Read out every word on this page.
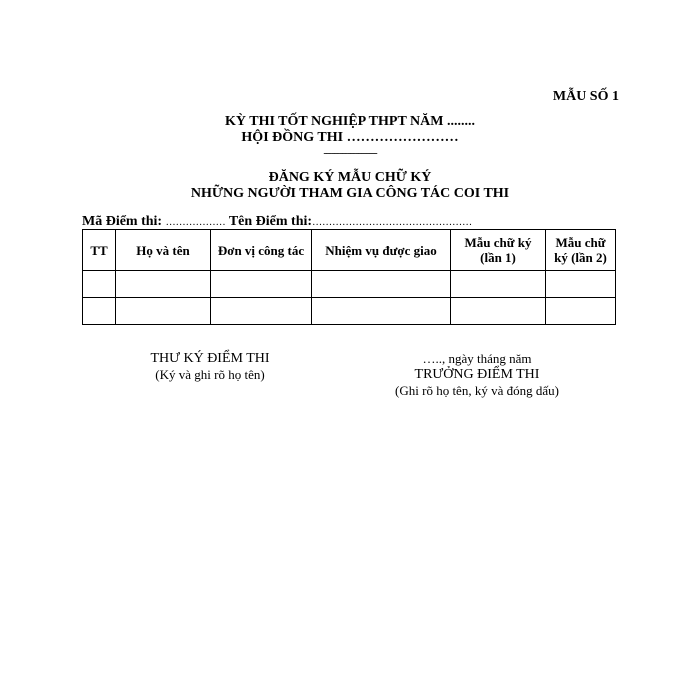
MẪU SỐ 1
KỲ THI TỐT NGHIỆP THPT NĂM ........
HỘI ĐỒNG THI ……………………
--------------------
ĐĂNG KÝ MẪU CHỮ KÝ
NHỮNG NGƯỜI THAM GIA CÔNG TÁC COI THI
Mã Điểm thi: ……………… Tên Điểm thi:…………………………………………
TT	Họ và tên	Đơn vị công tác	Nhiệm vụ được giao	Mẫu chữ ký (lần 1)	Mẫu chữ ký (lần 2)

THƯ KÝ ĐIỂM THI
(Ký và ghi rõ họ tên)
….., ngày tháng năm
TRƯỞNG ĐIỂM THI
(Ghi rõ họ tên, ký và đóng dấu)
